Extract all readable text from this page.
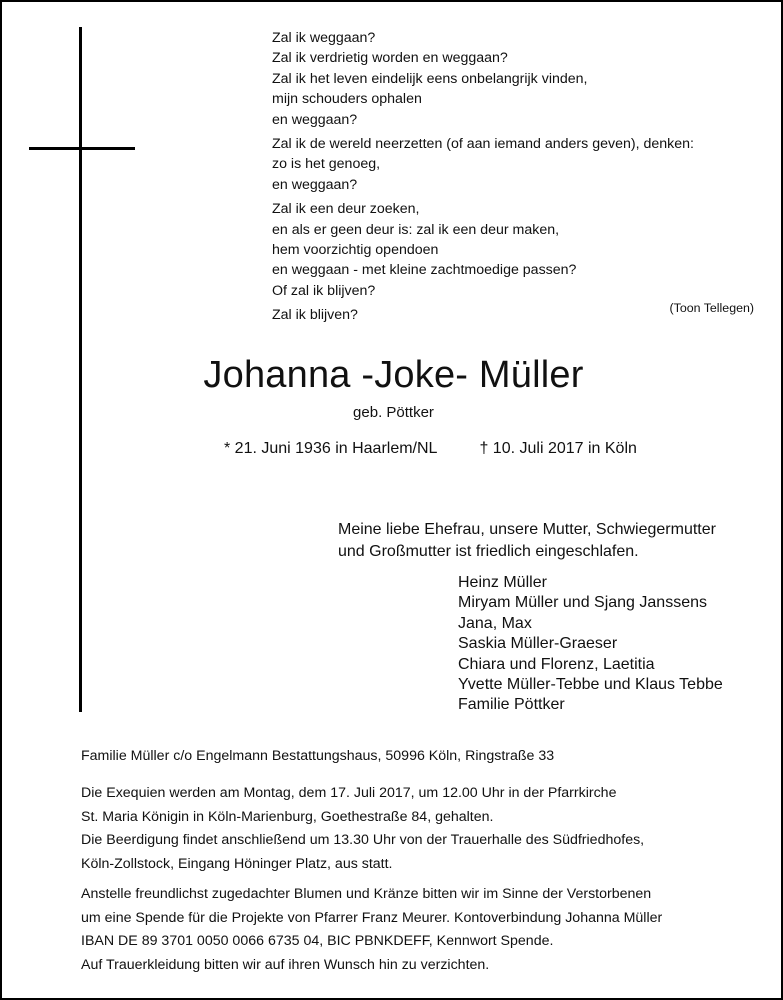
Zal ik weggaan?
Zal ik verdrietig worden en weggaan?
Zal ik het leven eindelijk eens onbelangrijk vinden,
mijn schouders ophalen
en weggaan?
Zal ik de wereld neerzetten (of aan iemand anders geven), denken:
zo is het genoeg,
en weggaan?
Zal ik een deur zoeken,
en als er geen deur is: zal ik een deur maken,
hem voorzichtig opendoen
en weggaan - met kleine zachtmoedige passen?
Of zal ik blijven?
Zal ik blijven?	(Toon Tellegen)
Johanna -Joke- Müller
geb. Pöttker
* 21. Juni 1936 in Haarlem/NL	† 10. Juli 2017 in Köln
Meine liebe Ehefrau, unsere Mutter, Schwiegermutter
und Großmutter ist friedlich eingeschlafen.
Heinz Müller
Miryam Müller und Sjang Janssens
Jana, Max
Saskia Müller-Graeser
Chiara und Florenz, Laetitia
Yvette Müller-Tebbe und Klaus Tebbe
Familie Pöttker
Familie Müller c/o Engelmann Bestattungshaus, 50996 Köln, Ringstraße 33
Die Exequien werden am Montag, dem 17. Juli 2017, um 12.00 Uhr in der Pfarrkirche
St. Maria Königin in Köln-Marienburg, Goethestraße 84, gehalten.
Die Beerdigung findet anschließend um 13.30 Uhr von der Trauerhalle des Südfriedhofes,
Köln-Zollstock, Eingang Höninger Platz, aus statt.
Anstelle freundlichst zugedachter Blumen und Kränze bitten wir im Sinne der Verstorbenen
um eine Spende für die Projekte von Pfarrer Franz Meurer. Kontoverbindung Johanna Müller
IBAN DE 89 3701 0050 0066 6735 04, BIC PBNKDEFF, Kennwort Spende.
Auf Trauerkleidung bitten wir auf ihren Wunsch hin zu verzichten.
